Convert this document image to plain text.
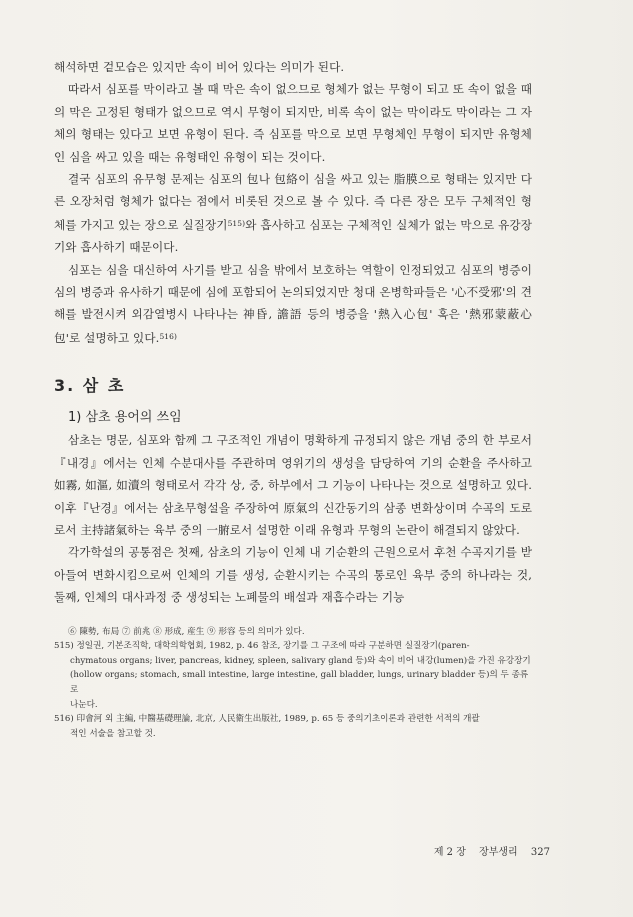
해석하면 겉모습은 있지만 속이 비어 있다는 의미가 된다.

따라서 심포를 막이라고 볼 때 막은 속이 없으므로 형체가 없는 무형이 되고 또 속이 없을 때의 막은 고정된 형태가 없으므로 역시 무형이 되지만, 비록 속이 없는 막이라도 막이라는 그 자체의 형태는 있다고 보면 유형이 된다. 즉 심포를 막으로 보면 무형체인 무형이 되지만 유형체인 심을 싸고 있을 때는 유형태인 유형이 되는 것이다.

결국 심포의 유무형 문제는 심포의 包나 包絡이 심을 싸고 있는 脂膜으로 형태는 있지만 다른 오장처럼 형체가 없다는 점에서 비롯된 것으로 볼 수 있다. 즉 다른 장은 모두 구체적인 형체를 가지고 있는 장으로 실질장기$^{515)}$와 흡사하고 심포는 구체적인 실체가 없는 막으로 유강장기와 흡사하기 때문이다.

심포는 심을 대신하여 사기를 받고 심을 밖에서 보호하는 역할이 인정되었고 심포의 병증이 심의 병증과 유사하기 때문에 심에 포함되어 논의되었지만 청대 온병학파들은 '心不受邪'의 견해를 발전시켜 외감열병시 나타나는 神昏, 譫語 등의 병증을 '熱入心包' 혹은 '熱邪蒙蔽心包'로 설명하고 있다.$^{516)}$

3. 삼 초
1) 삼초 용어의 쓰임

삼초는 명문, 심포와 함께 그 구조적인 개념이 명확하게 규정되지 않은 개념 중의 한 부로서『내경』에서는 인체 수분대사를 주관하며 영위기의 생성을 담당하여 기의 순환을 주사하고 如霧, 如漚, 如瀆의 형태로서 각각 상, 중, 하부에서 그 기능이 나타나는 것으로 설명하고 있다. 이후『난경』에서는 삼초무형설을 주장하여 原氣의 신간동기의 삼종 변화상이며 수곡의 도로로서 主持諸氣하는 육부 중의 一腑로서 설명한 이래 유형과 무형의 논란이 해결되지 않았다.

각가학설의 공통점은 첫째, 삼초의 기능이 인체 내 기순환의 근원으로서 후천 수곡지기를 받아들여 변화시킴으로써 인체의 기를 생성, 순환시키는 수곡의 통로인 육부 중의 하나라는 것, 둘째, 인체의 대사과정 중 생성되는 노폐물의 배설과 재흡수라는 기능

⑥ 陳勢, 布局 ⑦ 前兆 ⑧ 形成, 産生 ⑨ 形容 등의 의미가 있다.

515) 정일권, 기본조직학, 대학의학협회, 1982, p. 46 참조, 장기를 그 구조에 따라 구분하면 실질장기(paren-

chymatous organs; liver, pancreas, kidney, spleen, salivary gland 등)와 속이 비어 내강(lumen)을 가진 유강장기

(hollow organs; stomach, small intestine, large intestine, gall bladder, lungs, urinary bladder 등)의 두 종류로

나눈다.

516) 印會河 외 主編, 中醫基礎理論, 北京, 人民衛生出版社, 1989, p. 65 등 중의기초이론과 관련한 서적의 개괄

적인 서술을 참고할 것.

제 2 장 장부생리 327
